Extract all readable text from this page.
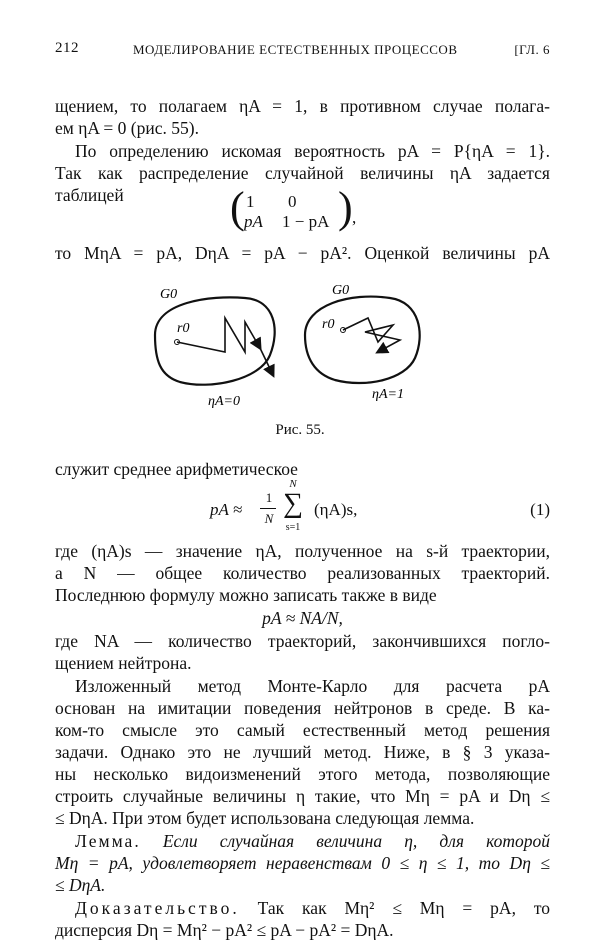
212	МОДЕЛИРОВАНИЕ ЕСТЕСТВЕННЫХ ПРОЦЕССОВ	[ГЛ. 6
щением, то полагаем ηA = 1, в противном случае полага-
ем ηA = 0 (рис. 55).
По определению искомая вероятность pA = P{ηA = 1}.
Так как распределение случайной величины ηA задается
таблицей	( 1 0
pA 1 − pA ) ,
то MηA = pA, DηA = pA − pA². Оценкой величины pA
G0
r0
ηA=0
G0
r0
ηA=1
Рис. 55.
служит среднее арифметическое
pA ≈
1
N
N
∑
s=1
(ηA)s,	(1)
где (ηA)s — значение ηA, полученное на s-й траектории,
а N — общее количество реализованных траекторий.
Последнюю формулу можно записать также в виде
pA ≈ NA/N,
где NA — количество траекторий, закончившихся погло-
щением нейтрона.
Изложенный метод Монте-Карло для расчета pA
основан на имитации поведения нейтронов в среде. В ка-
ком-то смысле это самый естественный метод решения
задачи. Однако это не лучший метод. Ниже, в § 3 указа-
ны несколько видоизменений этого метода, позволяющие
строить случайные величины η такие, что Mη = pA и Dη ≤
≤ DηA. При этом будет использована следующая лемма.
Лемма. Если случайная величина η, для которой
Mη = pA, удовлетворяет неравенствам 0 ≤ η ≤ 1, то Dη ≤
≤ DηA.
Доказательство. Так как Mη² ≤ Mη = pA, то
дисперсия Dη = Mη² − pA² ≤ pA − pA² = DηA.
